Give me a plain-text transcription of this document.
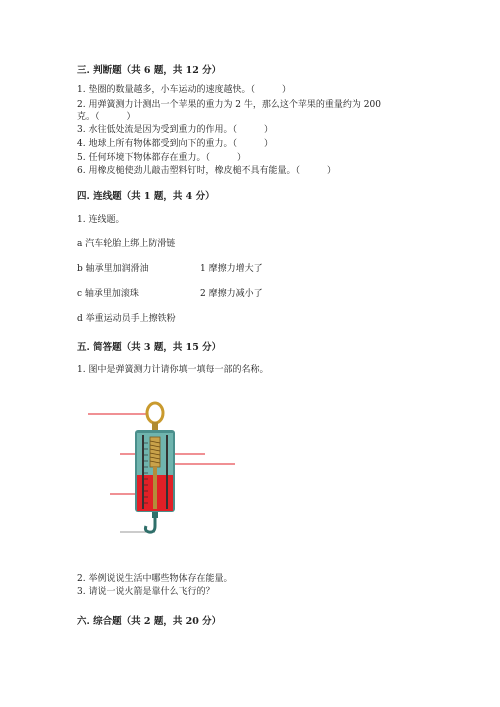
三. 判断题（共 6 题，共 12 分）
1. 垫圈的数量越多，小车运动的速度越快。（　　　）
2. 用弹簧测力计测出一个苹果的重力为 2 牛，那么这个苹果的重量约为 200
克。（　　　）
3. 水往低处流是因为受到重力的作用。（　　　）
4. 地球上所有物体都受到向下的重力。（　　　）
5. 任何环境下物体都存在重力。（　　　）
6. 用橡皮槌使劲儿敲击塑料钉时，橡皮槌不具有能量。（　　　）
四. 连线题（共 1 题，共 4 分）
1. 连线题。
a 汽车轮胎上绑上防滑链
b 轴承里加润滑油
c 轴承里加滚珠
d 举重运动员手上擦铁粉
1 摩擦力增大了
2 摩擦力减小了
五. 简答题（共 3 题，共 15 分）
1. 图中是弹簧测力计请你填一填每一部的名称。
2. 举例说说生活中哪些物体存在能量。
3. 请说一说火箭是靠什么飞行的？
六. 综合题（共 2 题，共 20 分）
